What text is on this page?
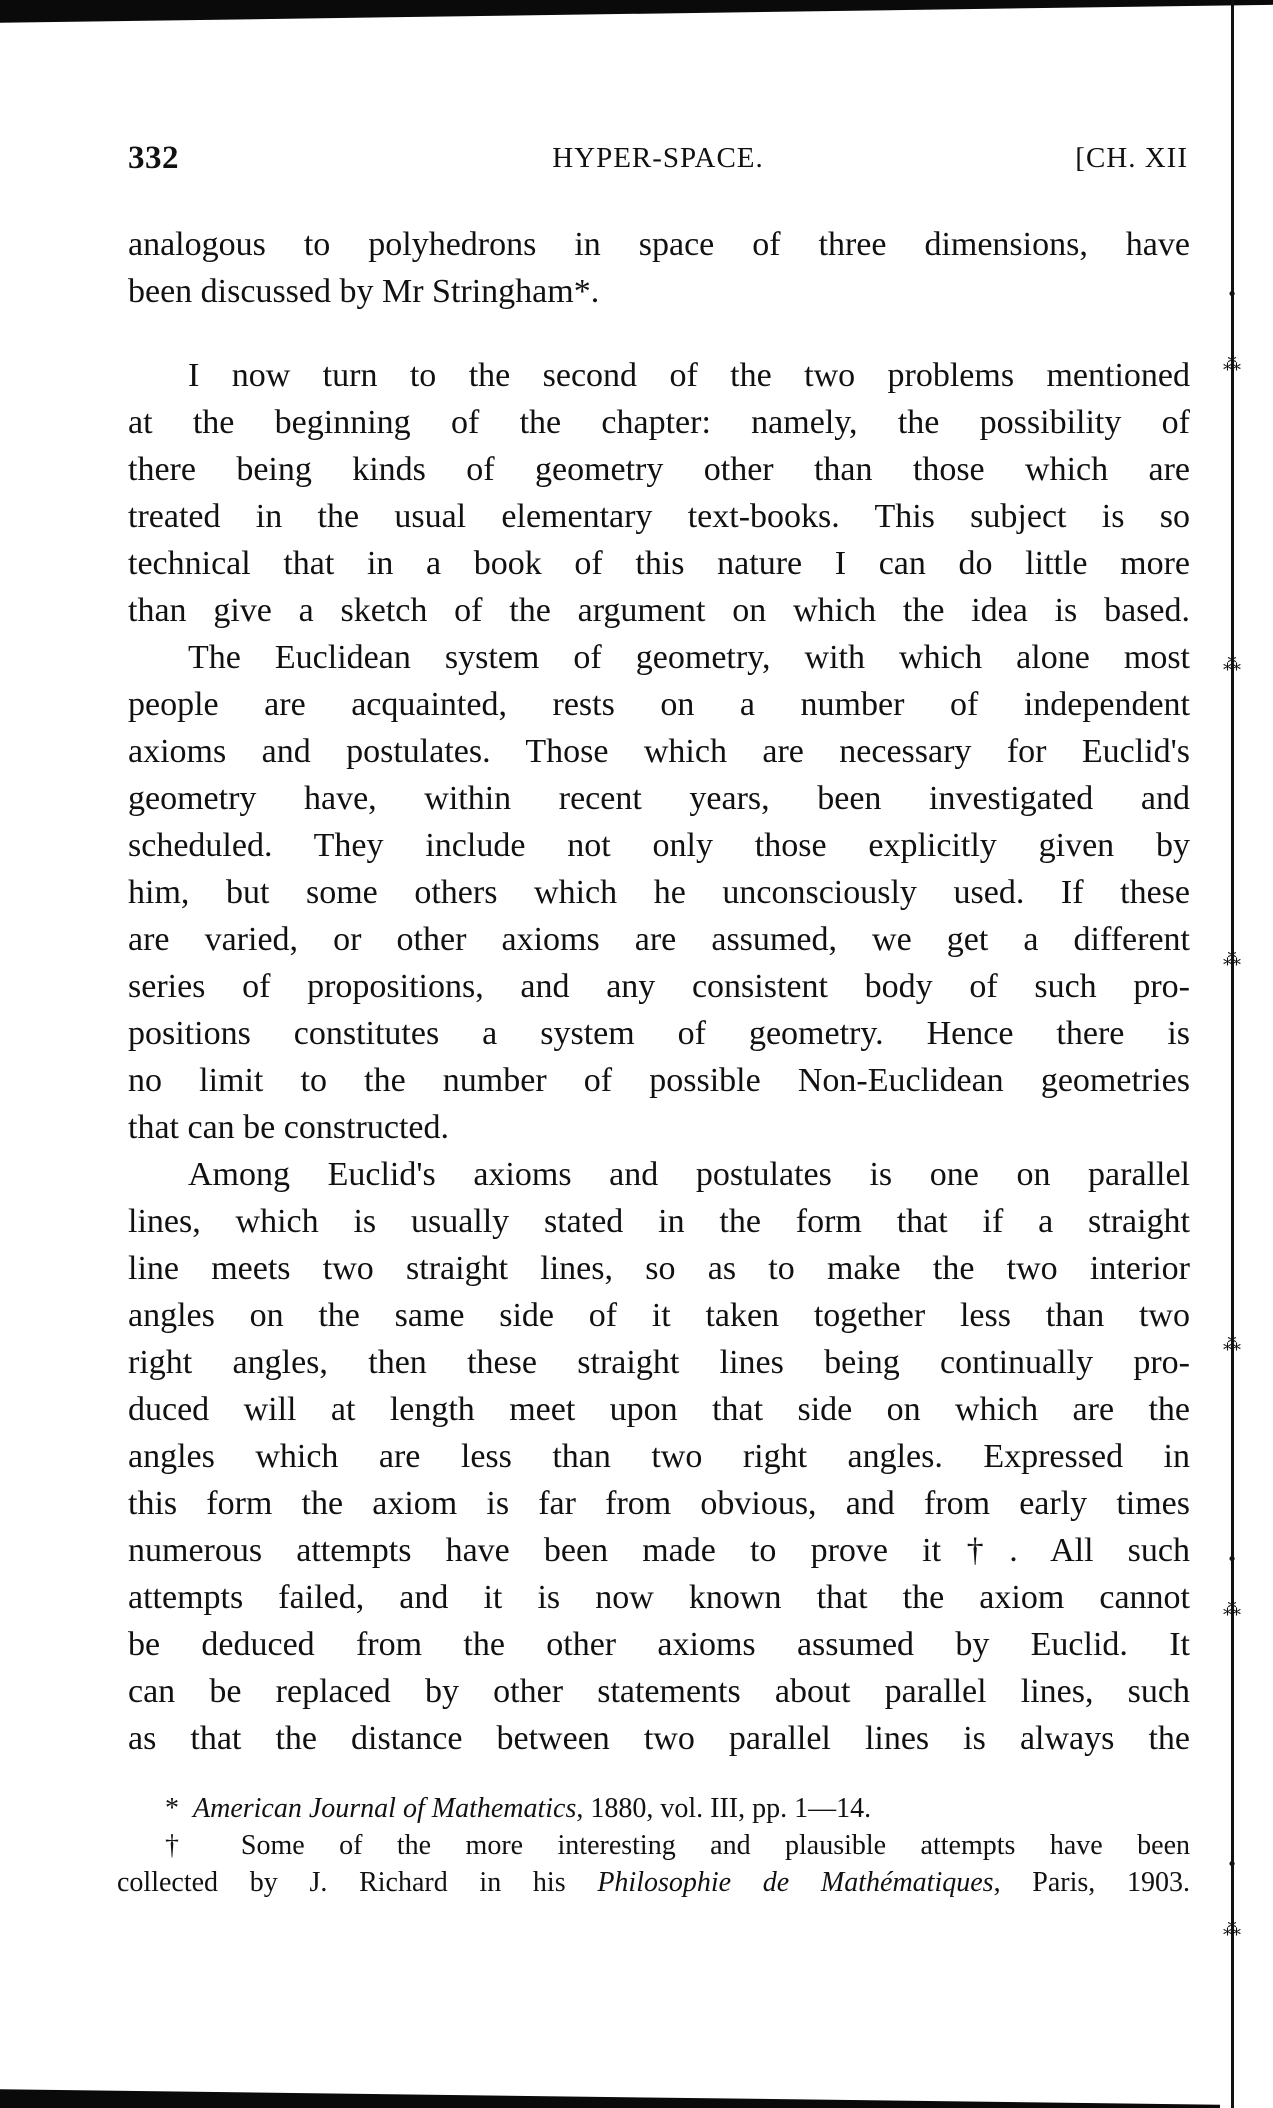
•
⁂
⁂
⁂
⁂
•
⁂
•
⁂
332	HYPER-SPACE.	[CH. XII

analogous to polyhedrons in space of three dimensions, have
been discussed by Mr Stringham*.

I now turn to the second of the two problems mentioned
at the beginning of the chapter: namely, the possibility of
there being kinds of geometry other than those which are
treated in the usual elementary text-books. This subject is so
technical that in a book of this nature I can do little more
than give a sketch of the argument on which the idea is based.

The Euclidean system of geometry, with which alone most
people are acquainted, rests on a number of independent
axioms and postulates. Those which are necessary for Euclid's
geometry have, within recent years, been investigated and
scheduled. They include not only those explicitly given by
him, but some others which he unconsciously used. If these
are varied, or other axioms are assumed, we get a different
series of propositions, and any consistent body of such pro-
positions constitutes a system of geometry. Hence there is
no limit to the number of possible Non-Euclidean geometries
that can be constructed.

Among Euclid's axioms and postulates is one on parallel
lines, which is usually stated in the form that if a straight
line meets two straight lines, so as to make the two interior
angles on the same side of it taken together less than two
right angles, then these straight lines being continually pro-
duced will at length meet upon that side on which are the
angles which are less than two right angles. Expressed in
this form the axiom is far from obvious, and from early times
numerous attempts have been made to prove it†. All such
attempts failed, and it is now known that the axiom cannot
be deduced from the other axioms assumed by Euclid. It
can be replaced by other statements about parallel lines, such
as that the distance between two parallel lines is always the

* American Journal of Mathematics, 1880, vol. III, pp. 1—14.
† Some of the more interesting and plausible attempts have been
collected by J. Richard in his Philosophie de Mathématiques, Paris, 1903.
